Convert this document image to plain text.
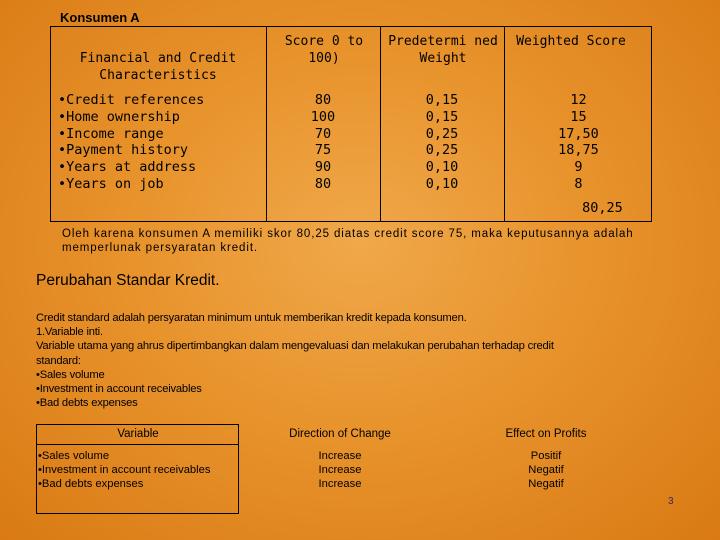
Konsumen A
Financial and Credit Characteristics
Score 0 to 100)
Predetermi ned Weight
Weighted Score
•Credit references
•Home ownership
•Income range
•Payment history
•Years at address
•Years on job
80
100
70
75
90
80
0,15
0,15
0,25
0,25
0,10
0,10
12
15
17,50
18,75
9
8
80,25
Oleh karena konsumen A memiliki skor 80,25 diatas credit score 75, maka keputusannya adalah memperlunak persyaratan kredit.
Perubahan Standar Kredit.
Credit standard adalah persyaratan minimum untuk memberikan kredit kepada konsumen.
1.Variable inti.
Variable utama yang ahrus dipertimbangkan dalam mengevaluasi dan melakukan perubahan terhadap credit
standard:
•Sales volume
•Investment in account receivables
•Bad debts expenses
Variable	Direction of Change	Effect on Profits
•Sales volume
•Investment in account receivables
•Bad debts expenses
Increase
Increase
Increase
Positif
Negatif
Negatif
3
